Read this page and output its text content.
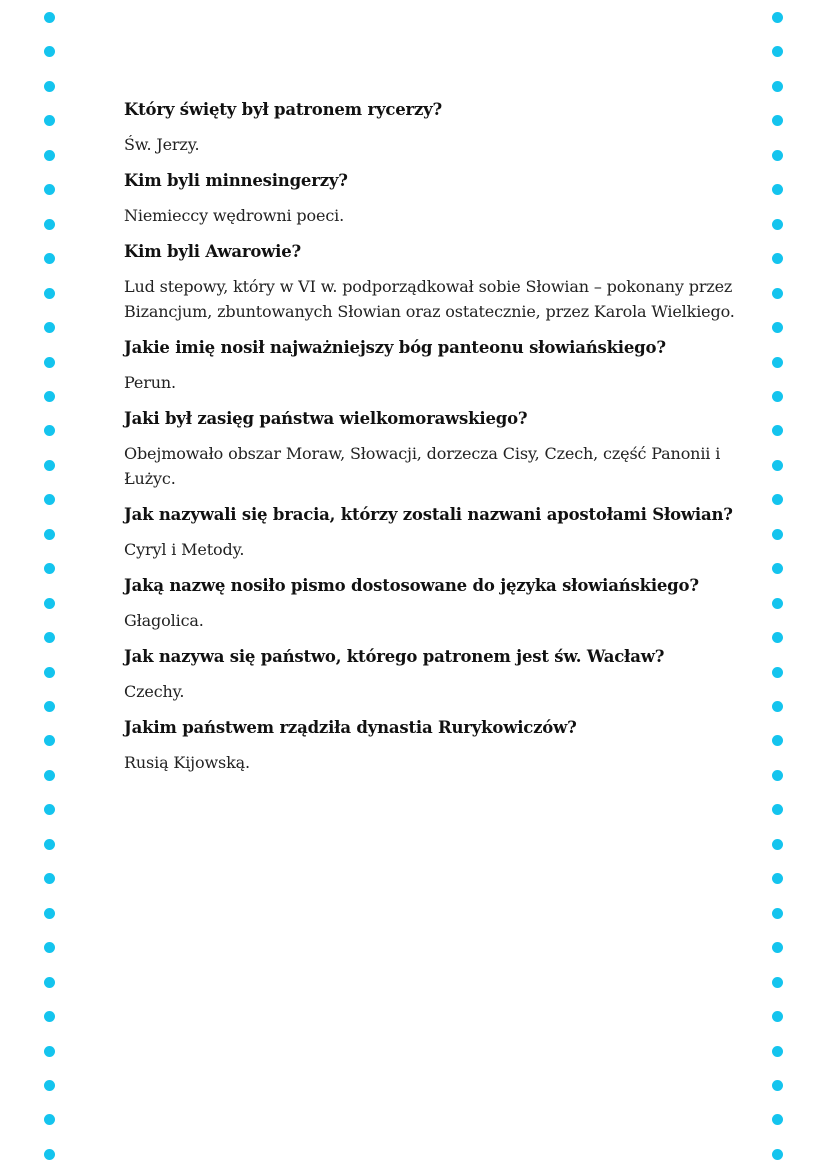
Który święty był patronem rycerzy?

Św. Jerzy.

Kim byli minnesingerzy?

Niemieccy wędrowni poeci.

Kim byli Awarowie?

Lud stepowy, który w VI w. podporządkował sobie Słowian – pokonany przez Bizancjum, zbuntowanych Słowian oraz ostatecznie, przez Karola Wielkiego.

Jakie imię nosił najważniejszy bóg panteonu słowiańskiego?

Perun.

Jaki był zasięg państwa wielkomorawskiego?

Obejmowało obszar Moraw, Słowacji, dorzecza Cisy, Czech, część Panonii i Łużyc.

Jak nazywali się bracia, którzy zostali nazwani apostołami Słowian?

Cyryl i Metody.

Jaką nazwę nosiło pismo dostosowane do języka słowiańskiego?

Głagolica.

Jak nazywa się państwo, którego patronem jest św. Wacław?

Czechy.

Jakim państwem rządziła dynastia Rurykowiczów?

Rusią Kijowską.
